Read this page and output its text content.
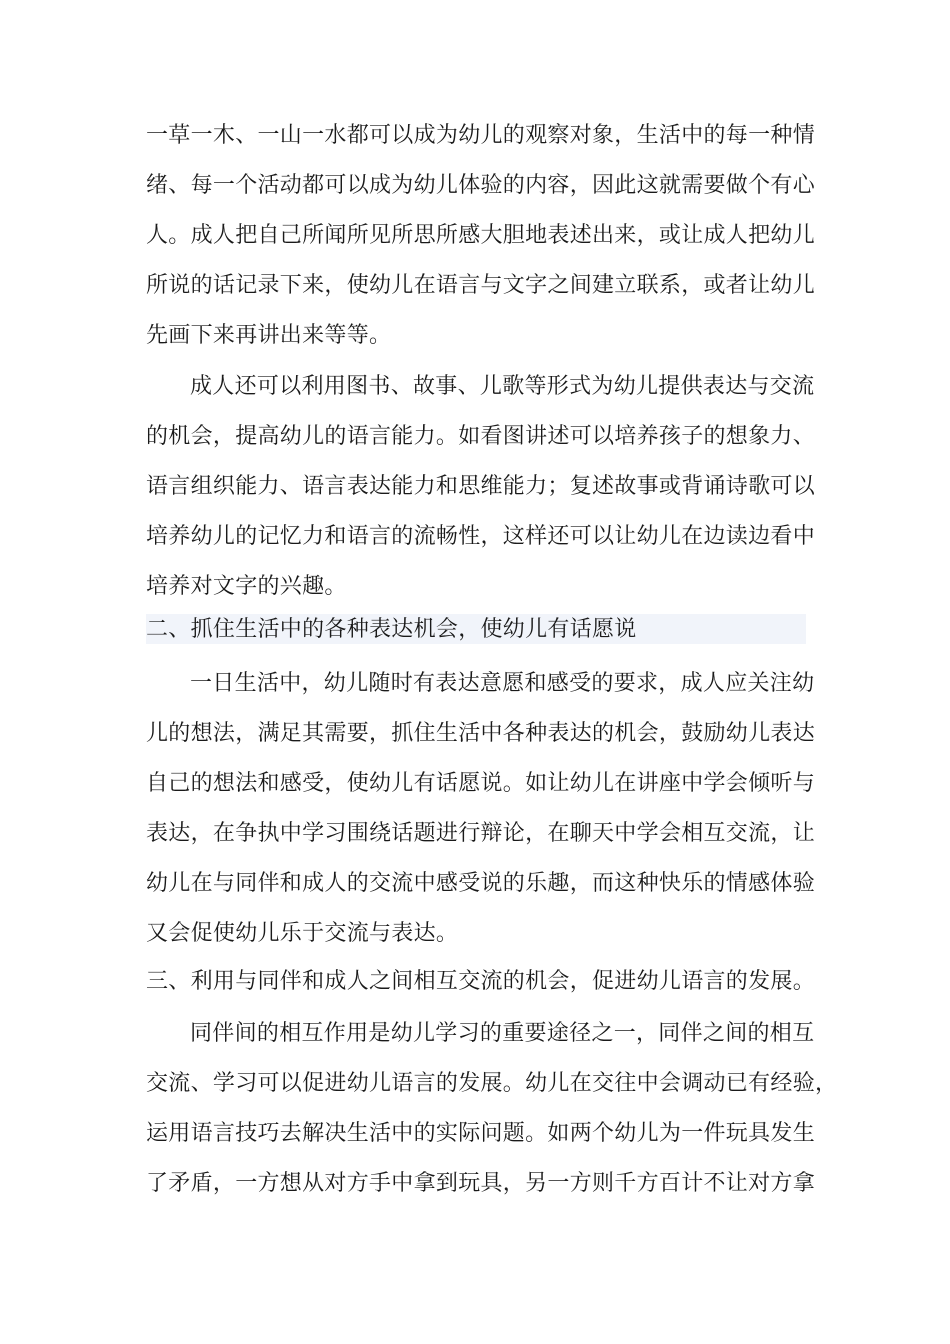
一草一木、一山一水都可以成为幼儿的观察对象，生活中的每一种情
绪、每一个活动都可以成为幼儿体验的内容，因此这就需要做个有心
人。成人把自己所闻所见所思所感大胆地表述出来，或让成人把幼儿
所说的话记录下来，使幼儿在语言与文字之间建立联系，或者让幼儿
先画下来再讲出来等等。
成人还可以利用图书、故事、儿歌等形式为幼儿提供表达与交流
的机会，提高幼儿的语言能力。如看图讲述可以培养孩子的想象力、
语言组织能力、语言表达能力和思维能力；复述故事或背诵诗歌可以
培养幼儿的记忆力和语言的流畅性，这样还可以让幼儿在边读边看中
培养对文字的兴趣。
二、抓住生活中的各种表达机会，使幼儿有话愿说
一日生活中，幼儿随时有表达意愿和感受的要求，成人应关注幼
儿的想法，满足其需要，抓住生活中各种表达的机会，鼓励幼儿表达
自己的想法和感受，使幼儿有话愿说。如让幼儿在讲座中学会倾听与
表达，在争执中学习围绕话题进行辩论，在聊天中学会相互交流，让
幼儿在与同伴和成人的交流中感受说的乐趣，而这种快乐的情感体验
又会促使幼儿乐于交流与表达。
三、利用与同伴和成人之间相互交流的机会，促进幼儿语言的发展。
同伴间的相互作用是幼儿学习的重要途径之一，同伴之间的相互
交流、学习可以促进幼儿语言的发展。幼儿在交往中会调动已有经验，
运用语言技巧去解决生活中的实际问题。如两个幼儿为一件玩具发生
了矛盾，一方想从对方手中拿到玩具，另一方则千方百计不让对方拿
